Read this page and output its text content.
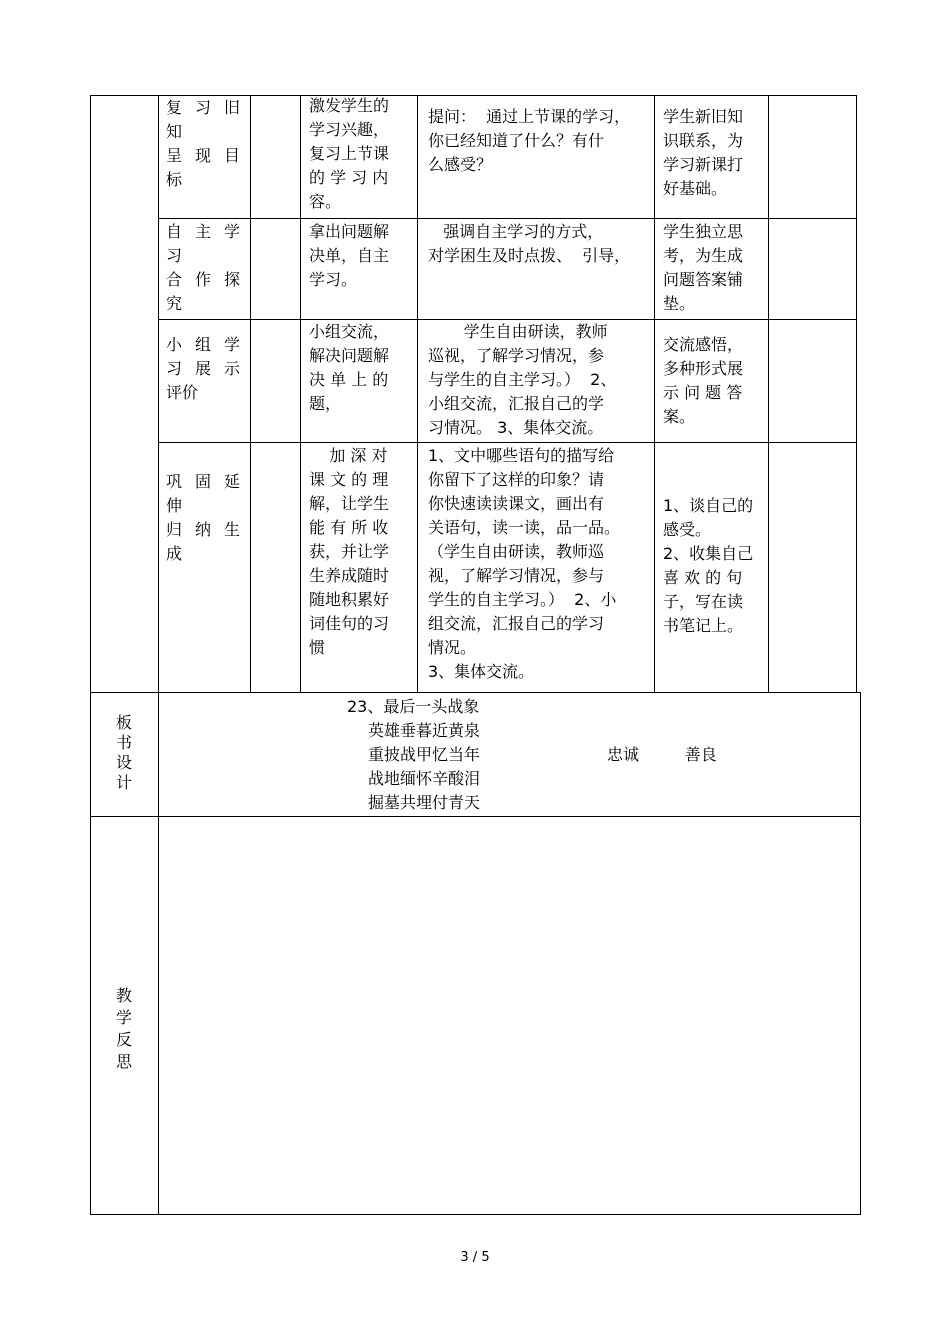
复 习 旧
知
呈 现 目
标
激发学生的
学习兴趣，
复习上节课
的 学 习 内
容。
提问：  通过上节课的学习，
你已经知道了什么？有什
么感受？
学生新旧知
识联系，为
学习新课打
好基础。
自 主 学
习
合 作 探
究
拿出问题解
决单，自主
学习。
强调自主学习的方式，
对学困生及时点拨、  引导，
学生独立思
考，为生成
问题答案铺
垫。
小 组 学
习 展 示
评价
小组交流，
解决问题解
决 单 上 的
题，
学生自由研读，教师
巡视，了解学习情况，参
与学生的自主学习。）  2、
小组交流，汇报自己的学
习情况。 3、集体交流。
交流感悟，
多种形式展
示 问 题 答
案。
巩 固 延
伸
归 纳 生
成
加 深 对
课 文 的 理
解，让学生
能 有 所 收
获，并让学
生养成随时
随地积累好
词佳句的习
惯
1、文中哪些语句的描写给
你留下了这样的印象？请
你快速读读课文，画出有
关语句，读一读，品一品。
（学生自由研读，教师巡
视，了解学习情况，参与
学生的自主学习。）  2、小
组交流，汇报自己的学习
情况。
3、集体交流。
1、谈自己的
感受。
2、收集自己
喜 欢 的 句
子，写在读
书笔记上。
板
书
设
计
23、最后一头战象
英雄垂暮近黄泉
重披战甲忆当年
战地缅怀辛酸泪
掘墓共埋付青天
忠诚         善良
教
学
反
思
3 / 5
